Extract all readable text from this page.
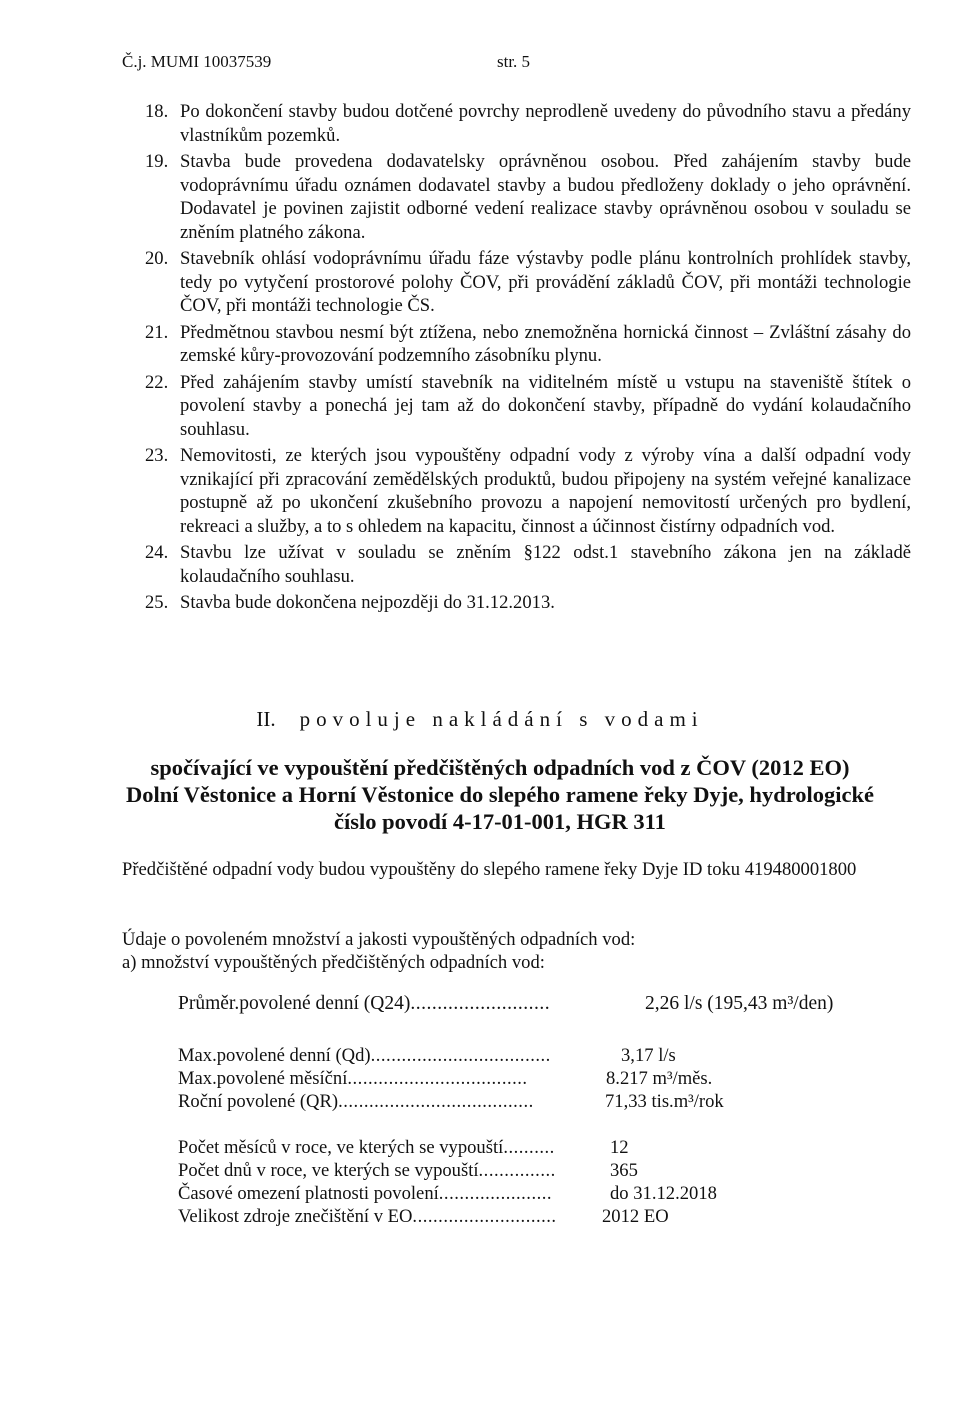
Č.j. MUMI 10037539	str. 5
18. Po dokončení stavby budou dotčené povrchy neprodleně uvedeny do původního stavu a předány vlastníkům pozemků.
19. Stavba bude provedena dodavatelsky oprávněnou osobou. Před zahájením stavby bude vodoprávnímu úřadu oznámen dodavatel stavby a budou předloženy doklady o jeho oprávnění. Dodavatel je povinen zajistit odborné vedení realizace stavby oprávněnou osobou v souladu se zněním platného zákona.
20. Stavebník ohlásí vodoprávnímu úřadu fáze výstavby podle plánu kontrolních prohlídek stavby, tedy po vytyčení prostorové polohy ČOV, při provádění základů ČOV, při montáži technologie ČOV, při montáži technologie ČS.
21. Předmětnou stavbou nesmí být ztížena, nebo znemožněna hornická činnost – Zvláštní zásahy do zemské kůry-provozování podzemního zásobníku plynu.
22. Před zahájením stavby umístí stavebník na viditelném místě u vstupu na staveniště štítek o povolení stavby a ponechá jej tam až do dokončení stavby, případně do vydání kolaudačního souhlasu.
23. Nemovitosti, ze kterých jsou vypouštěny odpadní vody z výroby vína a další odpadní vody vznikající při zpracování zemědělských produktů, budou připojeny na systém veřejné kanalizace postupně až po ukončení zkušebního provozu a napojení nemovitostí určených pro bydlení, rekreaci a služby, a to s ohledem na kapacitu, činnost a účinnost čistírny odpadních vod.
24. Stavbu lze užívat v souladu se zněním §122 odst.1 stavebního zákona jen na základě kolaudačního souhlasu.
25. Stavba bude dokončena nejpozději do 31.12.2013.
II. povoluje nakládání s vodami
spočívající ve vypouštění předčištěných odpadních vod z ČOV (2012 EO)
Dolní Věstonice a Horní Věstonice do slepého ramene řeky Dyje, hydrologické
číslo povodí 4-17-01-001, HGR 311
Předčištěné odpadní vody budou vypouštěny do slepého ramene řeky Dyje ID toku 419480001800
Údaje o povoleném množství a jakosti vypouštěných odpadních vod:
a) množství vypouštěných předčištěných odpadních vod:
Průměr.povolené denní (Q24)..........................	2,26 l/s (195,43 m³/den)
Max.povolené denní (Qd)...................................	3,17 l/s
Max.povolené měsíční...................................	8.217 m³/měs.
Roční povolené (QR)......................................	71,33 tis.m³/rok
Počet měsíců v roce, ve kterých se vypouští..........	12
Počet dnů v roce, ve kterých se vypouští...............	365
Časové omezení platnosti povolení......................	do 31.12.2018
Velikost zdroje znečištění v EO............................ 2012 EO
